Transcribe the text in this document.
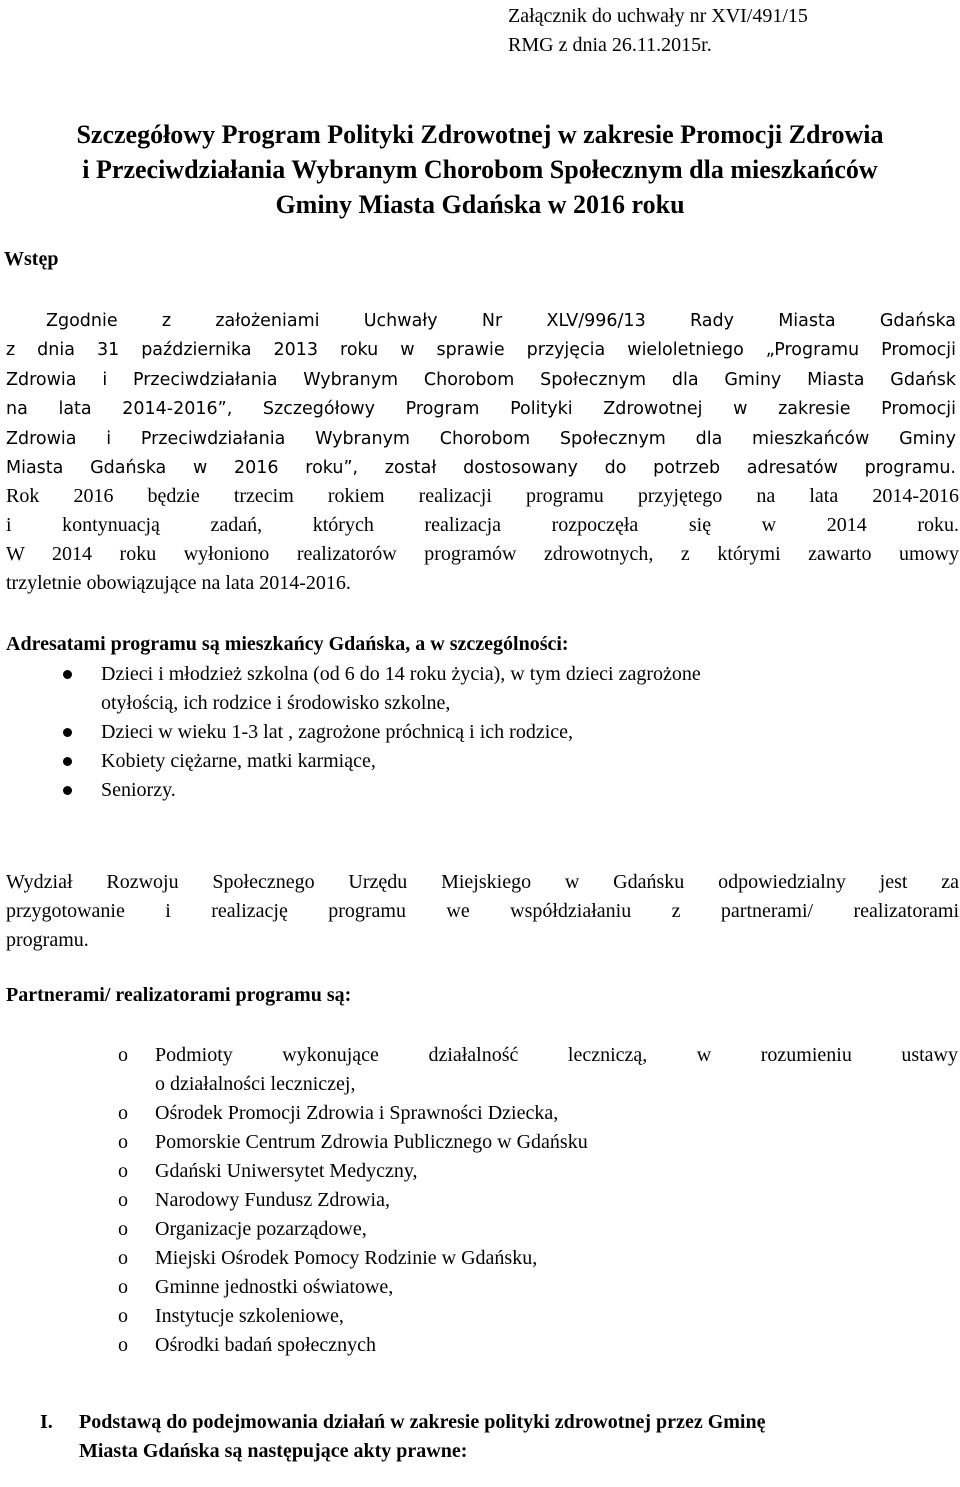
Załącznik do uchwały nr XVI/491/15
RMG z dnia 26.11.2015r.
Szczegółowy Program Polityki Zdrowotnej w zakresie Promocji Zdrowia
i Przeciwdziałania Wybranym Chorobom Społecznym dla mieszkańców
Gminy Miasta Gdańska w 2016 roku
Wstęp
Zgodnie z założeniami Uchwały Nr XLV/996/13 Rady Miasta Gdańska
z dnia 31 października 2013 roku w sprawie przyjęcia wieloletniego „Programu Promocji
Zdrowia i Przeciwdziałania Wybranym Chorobom Społecznym dla Gminy Miasta Gdańsk
na lata 2014-2016”, Szczegółowy Program Polityki Zdrowotnej w zakresie Promocji
Zdrowia i Przeciwdziałania Wybranym Chorobom Społecznym dla mieszkańców Gminy
Miasta Gdańska w 2016 roku”, został dostosowany do potrzeb adresatów programu.
Rok 2016 będzie trzecim rokiem realizacji programu przyjętego na lata 2014-2016
i kontynuacją zadań, których realizacja rozpoczęła się w 2014 roku.
W 2014 roku wyłoniono realizatorów programów zdrowotnych, z którymi zawarto umowy
trzyletnie obowiązujące na lata 2014-2016.
Adresatami programu są mieszkańcy Gdańska, a w szczególności:
Dzieci i młodzież szkolna (od 6 do 14 roku życia), w tym dzieci zagrożone
otyłością, ich rodzice i środowisko szkolne,
Dzieci w wieku 1-3 lat , zagrożone próchnicą i ich rodzice,
Kobiety ciężarne, matki karmiące,
Seniorzy.
Wydział Rozwoju Społecznego Urzędu Miejskiego w Gdańsku odpowiedzialny jest za
przygotowanie i realizację programu we współdziałaniu z partnerami/ realizatorami
programu.
Partnerami/ realizatorami programu są:
o Podmioty wykonujące działalność leczniczą, w rozumieniu ustawy
o działalności leczniczej,
o Ośrodek Promocji Zdrowia i Sprawności Dziecka,
o Pomorskie Centrum Zdrowia Publicznego w Gdańsku
o Gdański Uniwersytet Medyczny,
o Narodowy Fundusz Zdrowia,
o Organizacje pozarządowe,
o Miejski Ośrodek Pomocy Rodzinie w Gdańsku,
o Gminne jednostki oświatowe,
o Instytucje szkoleniowe,
o Ośrodki badań społecznych
I.	Podstawą do podejmowania działań w zakresie polityki zdrowotnej przez Gminę
Miasta Gdańska są następujące akty prawne:
